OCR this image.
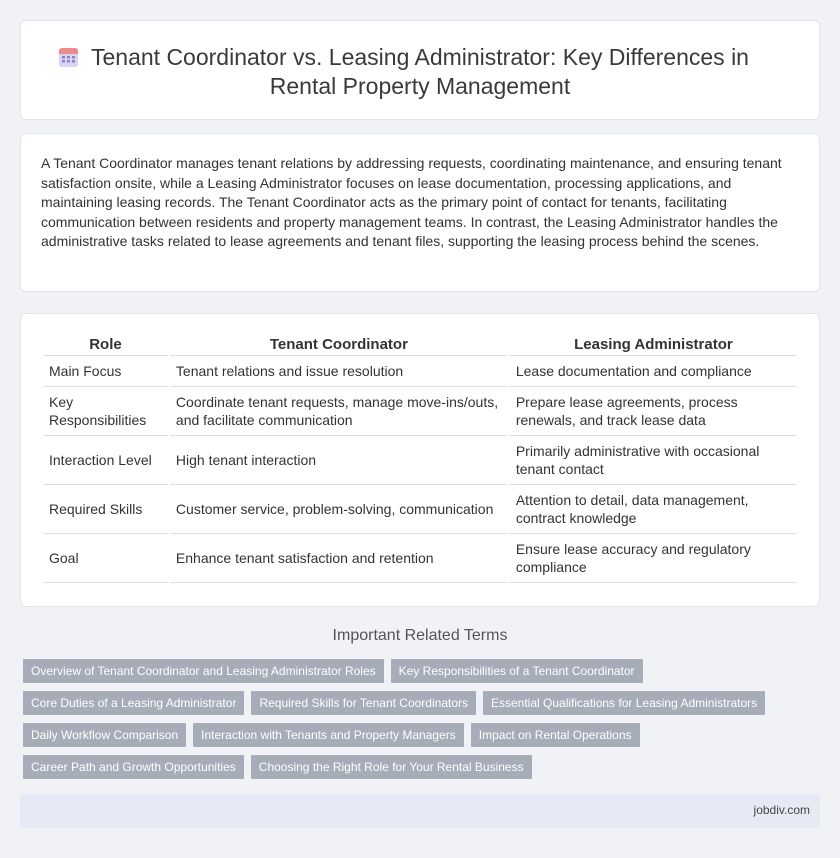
Tenant Coordinator vs. Leasing Administrator: Key Differences in Rental Property Management

A Tenant Coordinator manages tenant relations by addressing requests, coordinating maintenance, and ensuring tenant satisfaction onsite, while a Leasing Administrator focuses on lease documentation, processing applications, and maintaining leasing records. The Tenant Coordinator acts as the primary point of contact for tenants, facilitating communication between residents and property management teams. In contrast, the Leasing Administrator handles the administrative tasks related to lease agreements and tenant files, supporting the leasing process behind the scenes.

Role	Tenant Coordinator	Leasing Administrator
Main Focus	Tenant relations and issue resolution	Lease documentation and compliance
Key Responsibilities	Coordinate tenant requests, manage move-ins/outs, and facilitate communication	Prepare lease agreements, process renewals, and track lease data
Interaction Level	High tenant interaction	Primarily administrative with occasional tenant contact
Required Skills	Customer service, problem-solving, communication	Attention to detail, data management, contract knowledge
Goal	Enhance tenant satisfaction and retention	Ensure lease accuracy and regulatory compliance
Important Related Terms
Overview of Tenant Coordinator and Leasing Administrator Roles	Key Responsibilities of a Tenant Coordinator
Core Duties of a Leasing Administrator	Required Skills for Tenant Coordinators	Essential Qualifications for Leasing Administrators
Daily Workflow Comparison	Interaction with Tenants and Property Managers	Impact on Rental Operations
Career Path and Growth Opportunities	Choosing the Right Role for Your Rental Business
jobdiv.com
